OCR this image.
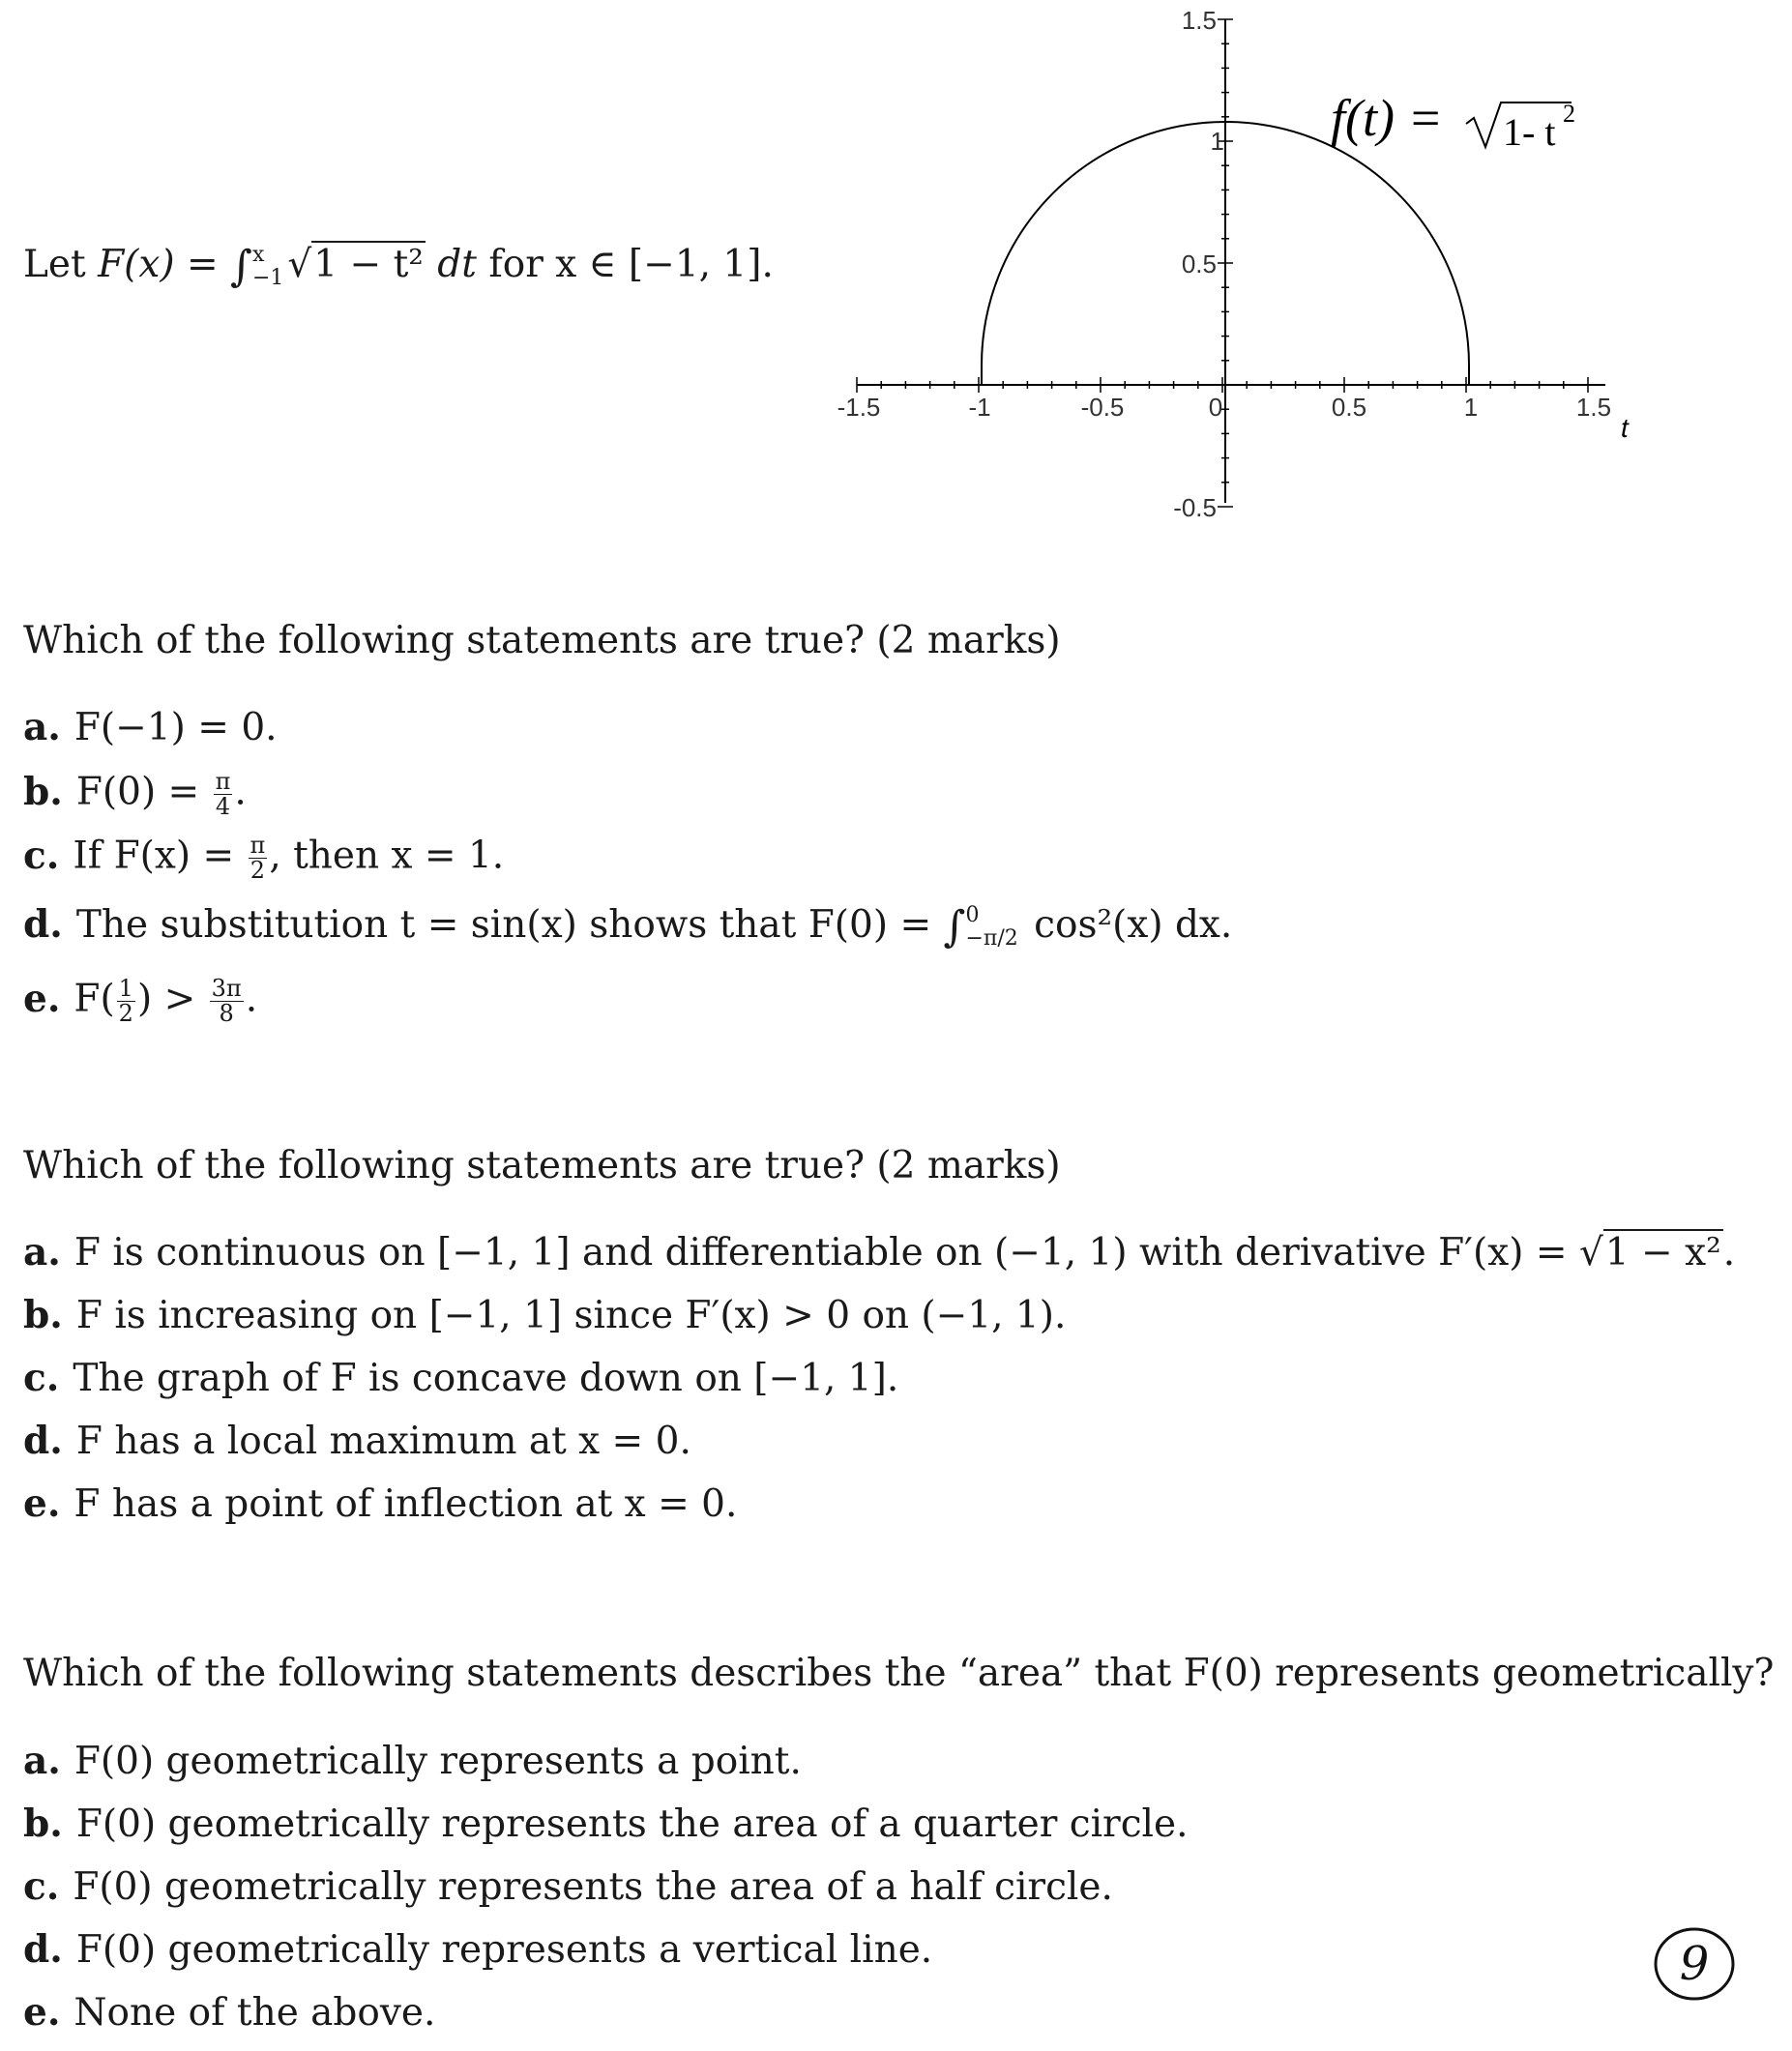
Let F(x) = ∫ x
−1 √1 − t² dt for x ∈ [−1, 1].
-1.5	-1	-0.5	0	0.5	1	1.5
1.5
1
0.5
-0.5
t
f(t) = 1- t 2
Which of the following statements are true? (2 marks)
a. F(−1) = 0.
b. $F(0) = \frac{\pi}{4}$ .
c. If $F(x) = \frac{\pi}{2}$ , then x = 1.
d. The substitution t = sin(x) shows that F(0) = ∫ 0
−π/2 cos²(x) dx.
e. $F( \frac{1}{2}$ ) > $\frac{3\pi}{8}$ .
Which of the following statements are true? (2 marks)
a. F is continuous on [−1, 1] and differentiable on (−1, 1) with derivative F′(x) = √1 − x².
b. F is increasing on [−1, 1] since F′(x) > 0 on (−1, 1).
c. The graph of F is concave down on [−1, 1].
d. F has a local maximum at x = 0.
e. F has a point of inflection at x = 0.
Which of the following statements describes the “area” that F(0) represents geometrically?
a. F(0) geometrically represents a point.
b. F(0) geometrically represents the area of a quarter circle.
c. F(0) geometrically represents the area of a half circle.
d. F(0) geometrically represents a vertical line.
e. None of the above.
9
